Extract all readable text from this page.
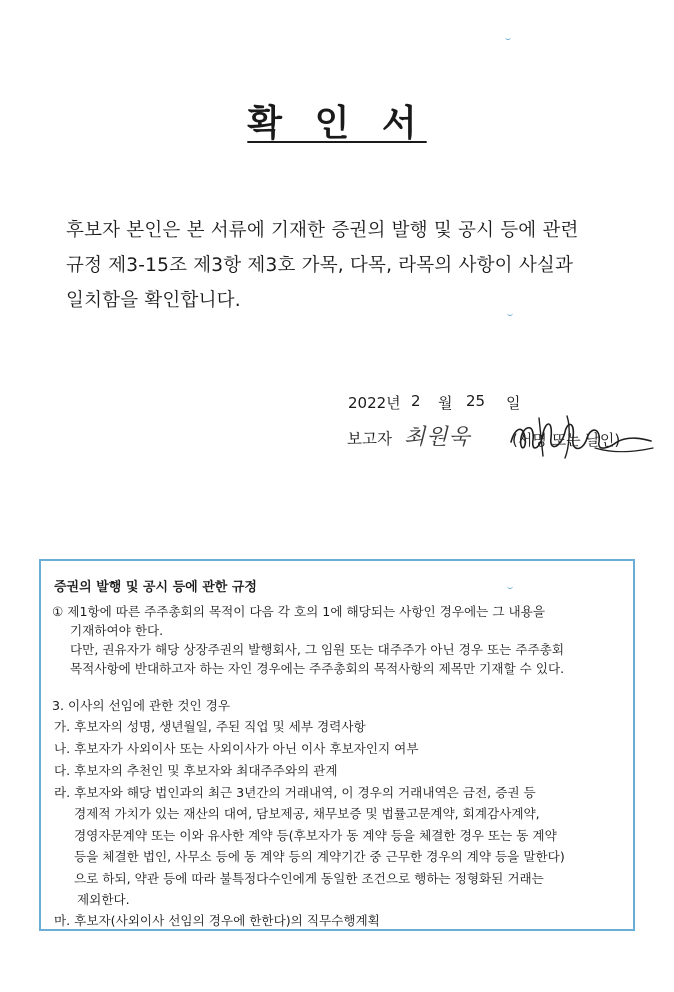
확 인 서
후보자 본인은 본 서류에 기재한 증권의 발행 및 공시 등에 관련
규정 제3-15조 제3항 제3호 가목, 다목, 라목의 사항이 사실과
일치함을 확인합니다.
2022년 2 월 25 일
보고자 최원욱	(서명 또는 날인)
증권의 발행 및 공시 등에 관한 규정
① 제1항에 따른 주주총회의 목적이 다음 각 호의 1에 해당되는 사항인 경우에는 그 내용을
기재하여야 한다.
다만, 권유자가 해당 상장주권의 발행회사, 그 임원 또는 대주주가 아닌 경우 또는 주주총회
목적사항에 반대하고자 하는 자인 경우에는 주주총회의 목적사항의 제목만 기재할 수 있다.
3. 이사의 선임에 관한 것인 경우
가. 후보자의 성명, 생년월일, 주된 직업 및 세부 경력사항
나. 후보자가 사외이사 또는 사외이사가 아닌 이사 후보자인지 여부
다. 후보자의 추천인 및 후보자와 최대주주와의 관계
라. 후보자와 해당 법인과의 최근 3년간의 거래내역, 이 경우의 거래내역은 금전, 증권 등
경제적 가치가 있는 재산의 대여, 담보제공, 채무보증 및 법률고문계약, 회계감사계약,
경영자문계약 또는 이와 유사한 계약 등(후보자가 동 계약 등을 체결한 경우 또는 동 계약
등을 체결한 법인, 사무소 등에 동 계약 등의 계약기간 중 근무한 경우의 계약 등을 말한다)
으로 하되, 약관 등에 따라 불특정다수인에게 동일한 조건으로 행하는 정형화된 거래는
제외한다.
마. 후보자(사외이사 선임의 경우에 한한다)의 직무수행계획
